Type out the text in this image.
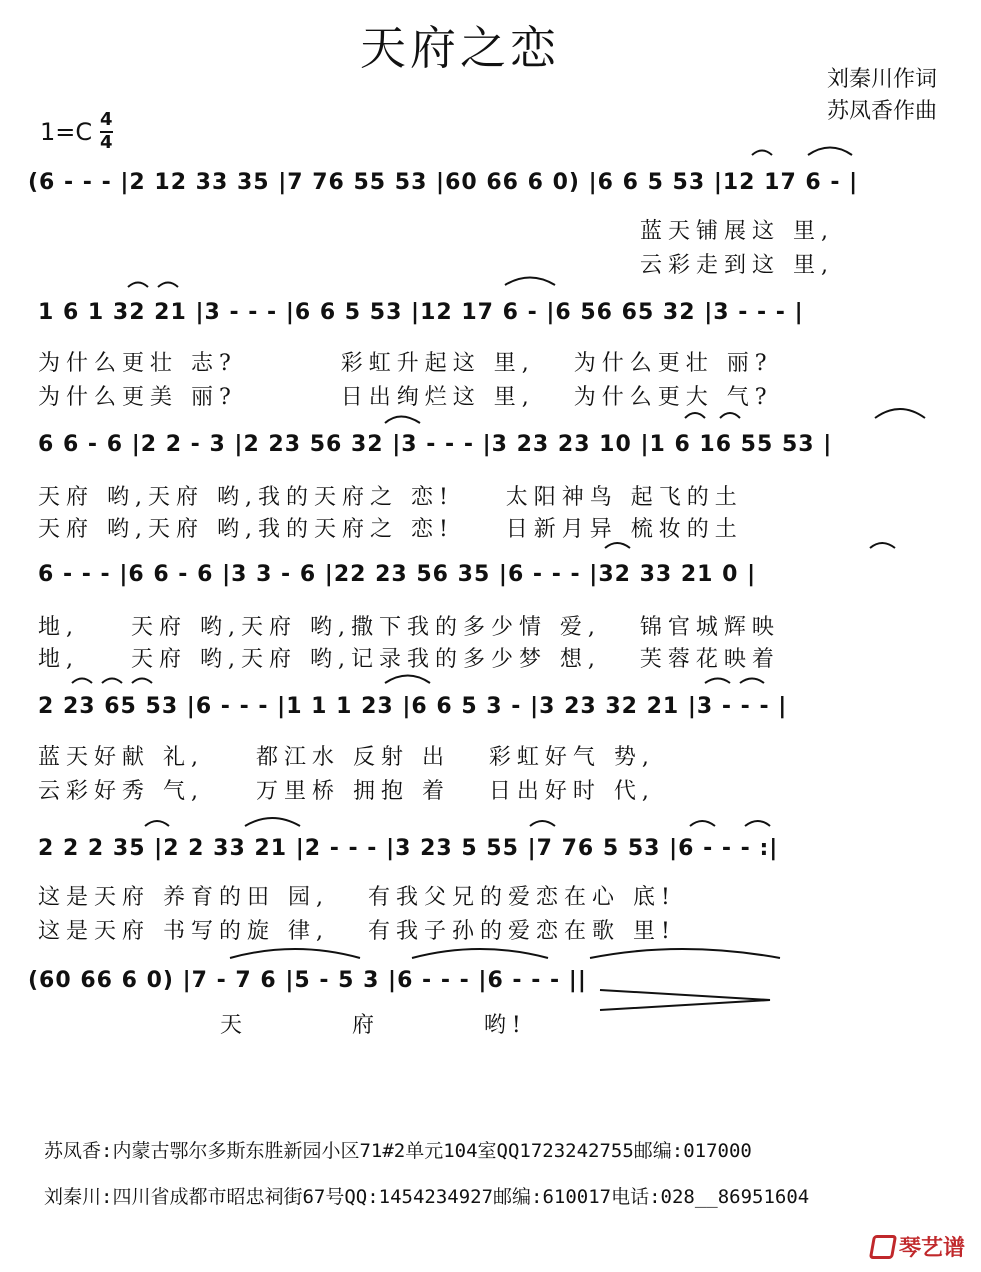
天府之恋
刘秦川作词
苏凤香作曲
1=C 4
4
(6 - - - |2 12 33 35 |7 76 55 53 |60 66 6 0) |6 6 5 53 |12 17 6 - |
蓝天铺展这 里,
云彩走到这 里,
1 6 1 32 21 |3 - - - |6 6 5 53 |12 17 6 - |6 56 65 32 |3 - - - |
为什么更壮 志?        彩虹升起这 里,   为什么更壮 丽?
为什么更美 丽?        日出绚烂这 里,   为什么更大 气?
6 6 - 6 |2 2 - 3 |2 23 56 32 |3 - - - |3 23 23 10 |1 6 16 55 53 |
天府 哟,天府 哟,我的天府之 恋!    太阳神鸟 起飞的土
天府 哟,天府 哟,我的天府之 恋!    日新月异 梳妆的土
6 - - - |6 6 - 6 |3 3 - 6 |22 23 56 35 |6 - - - |32 33 21 0 |
地,    天府 哟,天府 哟,撒下我的多少情 爱,   锦官城辉映
地,    天府 哟,天府 哟,记录我的多少梦 想,   芙蓉花映着
2 23 65 53 |6 - - - |1 1 1 23 |6 6 5 3 - |3 23 32 21 |3 - - - |
蓝天好献 礼,    都江水 反射 出   彩虹好气 势,
云彩好秀 气,    万里桥 拥抱 着   日出好时 代,
2 2 2 35 |2 2 33 21 |2 - - - |3 23 5 55 |7 76 5 53 |6 - - - :|
这是天府 养育的田 园,   有我父兄的爱恋在心 底!
这是天府 书写的旋 律,   有我子孙的爱恋在歌 里!
(60 66 6 0) |7 - 7 6 |5 - 5 3 |6 - - - |6 - - - ||
天        府        哟!
苏凤香:内蒙古鄂尔多斯东胜新园小区71#2单元104室QQ1723242755邮编:017000
刘秦川:四川省成都市昭忠祠街67号QQ:1454234927邮编:610017电话:028__86951604
琴艺谱
